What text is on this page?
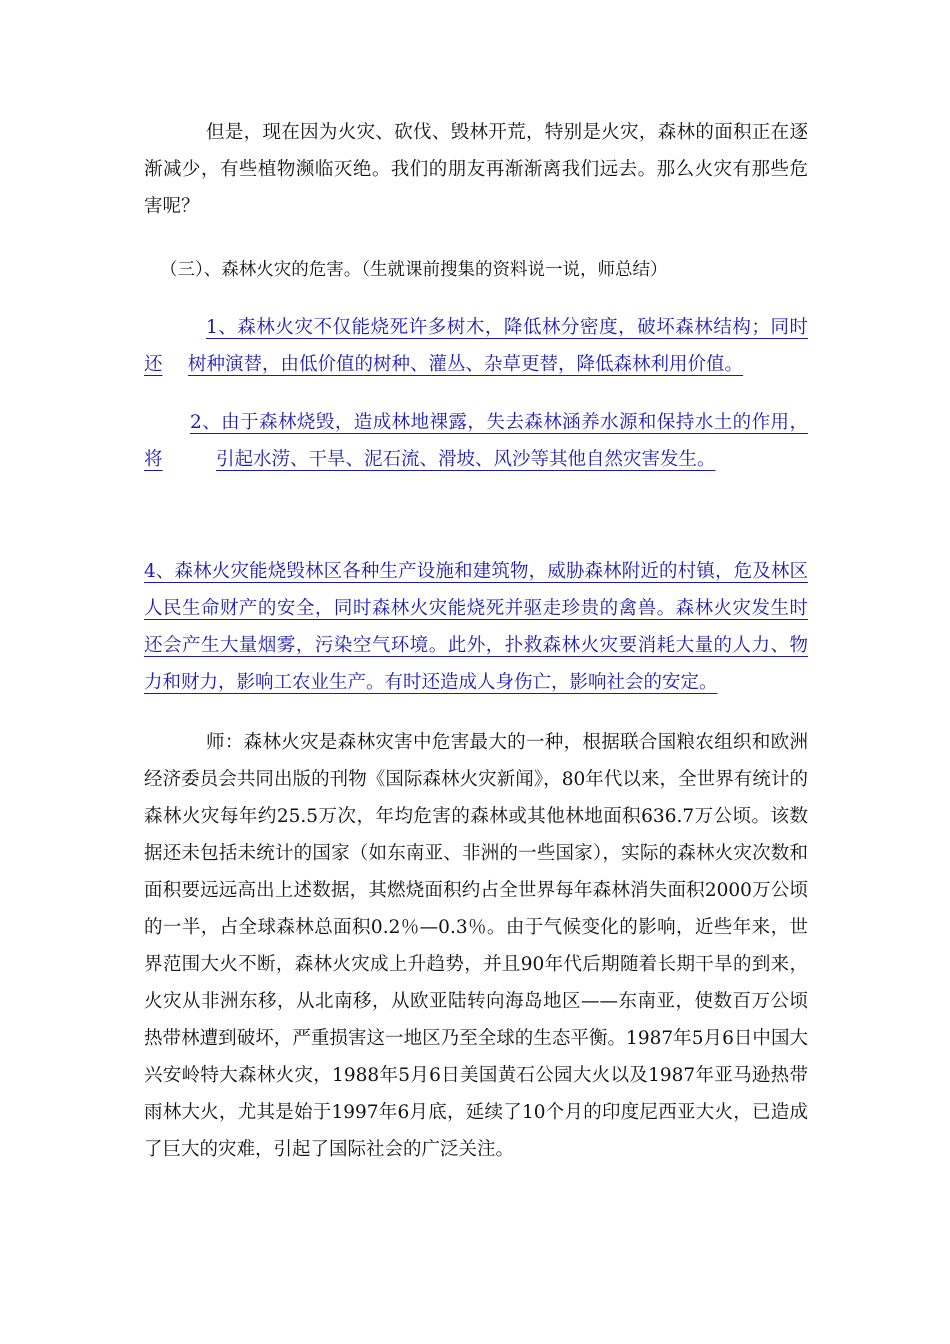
但是，现在因为火灾、砍伐、毁林开荒，特别是火灾，森林的面积正在逐渐减少，有些植物濒临灭绝。我们的朋友再渐渐离我们远去。那么火灾有那些危害呢？

（三）、森林火灾的危害。（生就课前搜集的资料说一说，师总结）

1、森林火灾不仅能烧死许多树木，降低林分密度，破坏森林结构；同时还	树种演替，由低价值的树种、灌丛、杂草更替，降低森林利用价值。

2、由于森林烧毁，造成林地裸露，失去森林涵养水源和保持水土的作用，将	引起水涝、干旱、泥石流、滑坡、风沙等其他自然灾害发生。

4、森林火灾能烧毁林区各种生产设施和建筑物，威胁森林附近的村镇，危及林区人民生命财产的安全，同时森林火灾能烧死并驱走珍贵的禽兽。森林火灾发生时还会产生大量烟雾，污染空气环境。此外，扑救森林火灾要消耗大量的人力、物力和财力，影响工农业生产。有时还造成人身伤亡，影响社会的安定。

师：森林火灾是森林灾害中危害最大的一种，根据联合国粮农组织和欧洲经济委员会共同出版的刊物《国际森林火灾新闻》，80年代以来，全世界有统计的森林火灾每年约25.5万次，年均危害的森林或其他林地面积636.7万公顷。该数据还未包括未统计的国家（如东南亚、非洲的一些国家），实际的森林火灾次数和面积要远远高出上述数据，其燃烧面积约占全世界每年森林消失面积2000万公顷的一半，占全球森林总面积0.2％—0.3％。由于气候变化的影响，近些年来，世界范围大火不断，森林火灾成上升趋势，并且90年代后期随着长期干旱的到来，火灾从非洲东移，从北南移，从欧亚陆转向海岛地区——东南亚，使数百万公顷热带林遭到破坏，严重损害这一地区乃至全球的生态平衡。1987年5月6日中国大兴安岭特大森林火灾，1988年5月6日美国黄石公园大火以及1987年亚马逊热带雨林大火，尤其是始于1997年6月底，延续了10个月的印度尼西亚大火，已造成了巨大的灾难，引起了国际社会的广泛关注。
